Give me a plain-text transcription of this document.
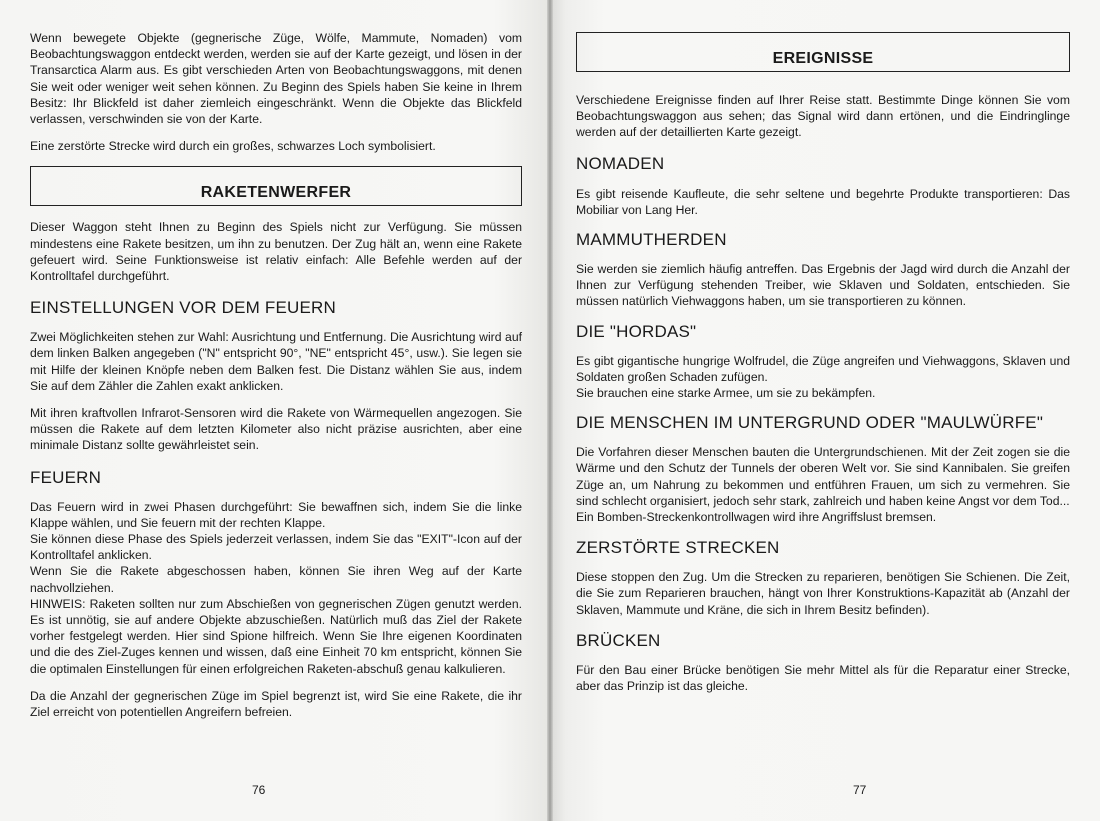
Wenn bewegete Objekte (gegnerische Züge, Wölfe, Mammute, Nomaden) vom Beobachtungswaggon entdeckt werden, werden sie auf der Karte gezeigt, und lösen in der Transarctica Alarm aus. Es gibt verschieden Arten von Beobachtungswaggons, mit denen Sie weit oder weniger weit sehen können. Zu Beginn des Spiels haben Sie keine in Ihrem Besitz: Ihr Blickfeld ist daher ziemleich eingeschränkt. Wenn die Objekte das Blickfeld verlassen, verschwinden sie von der Karte.

Eine zerstörte Strecke wird durch ein großes, schwarzes Loch symbolisiert.

RAKETENWERFER

Dieser Waggon steht Ihnen zu Beginn des Spiels nicht zur Verfügung. Sie müssen mindestens eine Rakete besitzen, um ihn zu benutzen. Der Zug hält an, wenn eine Rakete gefeuert wird. Seine Funktionsweise ist relativ einfach: Alle Befehle werden auf der Kontrolltafel durchgeführt.

EINSTELLUNGEN VOR DEM FEUERN

Zwei Möglichkeiten stehen zur Wahl: Ausrichtung und Entfernung. Die Ausrichtung wird auf dem linken Balken angegeben ("N" entspricht 90°, "NE" entspricht 45°, usw.). Sie legen sie mit Hilfe der kleinen Knöpfe neben dem Balken fest. Die Distanz wählen Sie aus, indem Sie auf dem Zähler die Zahlen exakt anklicken.

Mit ihren kraftvollen Infrarot-Sensoren wird die Rakete von Wärmequellen angezogen. Sie müssen die Rakete auf dem letzten Kilometer also nicht präzise ausrichten, aber eine minimale Distanz sollte gewährleistet sein.

FEUERN

Das Feuern wird in zwei Phasen durchgeführt: Sie bewaffnen sich, indem Sie die linke Klappe wählen, und Sie feuern mit der rechten Klappe.

Sie können diese Phase des Spiels jederzeit verlassen, indem Sie das "EXIT"-Icon auf der Kontrolltafel anklicken.

Wenn Sie die Rakete abgeschossen haben, können Sie ihren Weg auf der Karte nachvollziehen.

HINWEIS: Raketen sollten nur zum Abschießen von gegnerischen Zügen genutzt werden. Es ist unnötig, sie auf andere Objekte abzuschießen. Natürlich muß das Ziel der Rakete vorher festgelegt werden. Hier sind Spione hilfreich. Wenn Sie Ihre eigenen Koordinaten und die des Ziel-Zuges kennen und wissen, daß eine Einheit 70 km entspricht, können Sie die optimalen Einstellungen für einen erfolgreichen Raketen-abschuß genau kalkulieren.

Da die Anzahl der gegnerischen Züge im Spiel begrenzt ist, wird Sie eine Rakete, die ihr Ziel erreicht von potentiellen Angreifern befreien.

76
EREIGNISSE

Verschiedene Ereignisse finden auf Ihrer Reise statt. Bestimmte Dinge können Sie vom Beobachtungswaggon aus sehen; das Signal wird dann ertönen, und die Eindringlinge werden auf der detaillierten Karte gezeigt.

NOMADEN

Es gibt reisende Kaufleute, die sehr seltene und begehrte Produkte transportieren: Das Mobiliar von Lang Her.

MAMMUTHERDEN

Sie werden sie ziemlich häufig antreffen. Das Ergebnis der Jagd wird durch die Anzahl der Ihnen zur Verfügung stehenden Treiber, wie Sklaven und Soldaten, entschieden. Sie müssen natürlich Viehwaggons haben, um sie transportieren zu können.

DIE "HORDAS"

Es gibt gigantische hungrige Wolfrudel, die Züge angreifen und Viehwaggons, Sklaven und Soldaten großen Schaden zufügen.

Sie brauchen eine starke Armee, um sie zu bekämpfen.

DIE MENSCHEN IM UNTERGRUND ODER "MAULWÜRFE"

Die Vorfahren dieser Menschen bauten die Untergrundschienen. Mit der Zeit zogen sie die Wärme und den Schutz der Tunnels der oberen Welt vor. Sie sind Kannibalen. Sie greifen Züge an, um Nahrung zu bekommen und entführen Frauen, um sich zu vermehren. Sie sind schlecht organisiert, jedoch sehr stark, zahlreich und haben keine Angst vor dem Tod...

Ein Bomben-Streckenkontrollwagen wird ihre Angriffslust bremsen.

ZERSTÖRTE STRECKEN

Diese stoppen den Zug. Um die Strecken zu reparieren, benötigen Sie Schienen. Die Zeit, die Sie zum Reparieren brauchen, hängt von Ihrer Konstruktions-Kapazität ab (Anzahl der Sklaven, Mammute und Kräne, die sich in Ihrem Besitz befinden).

BRÜCKEN

Für den Bau einer Brücke benötigen Sie mehr Mittel als für die Reparatur einer Strecke, aber das Prinzip ist das gleiche.

77
